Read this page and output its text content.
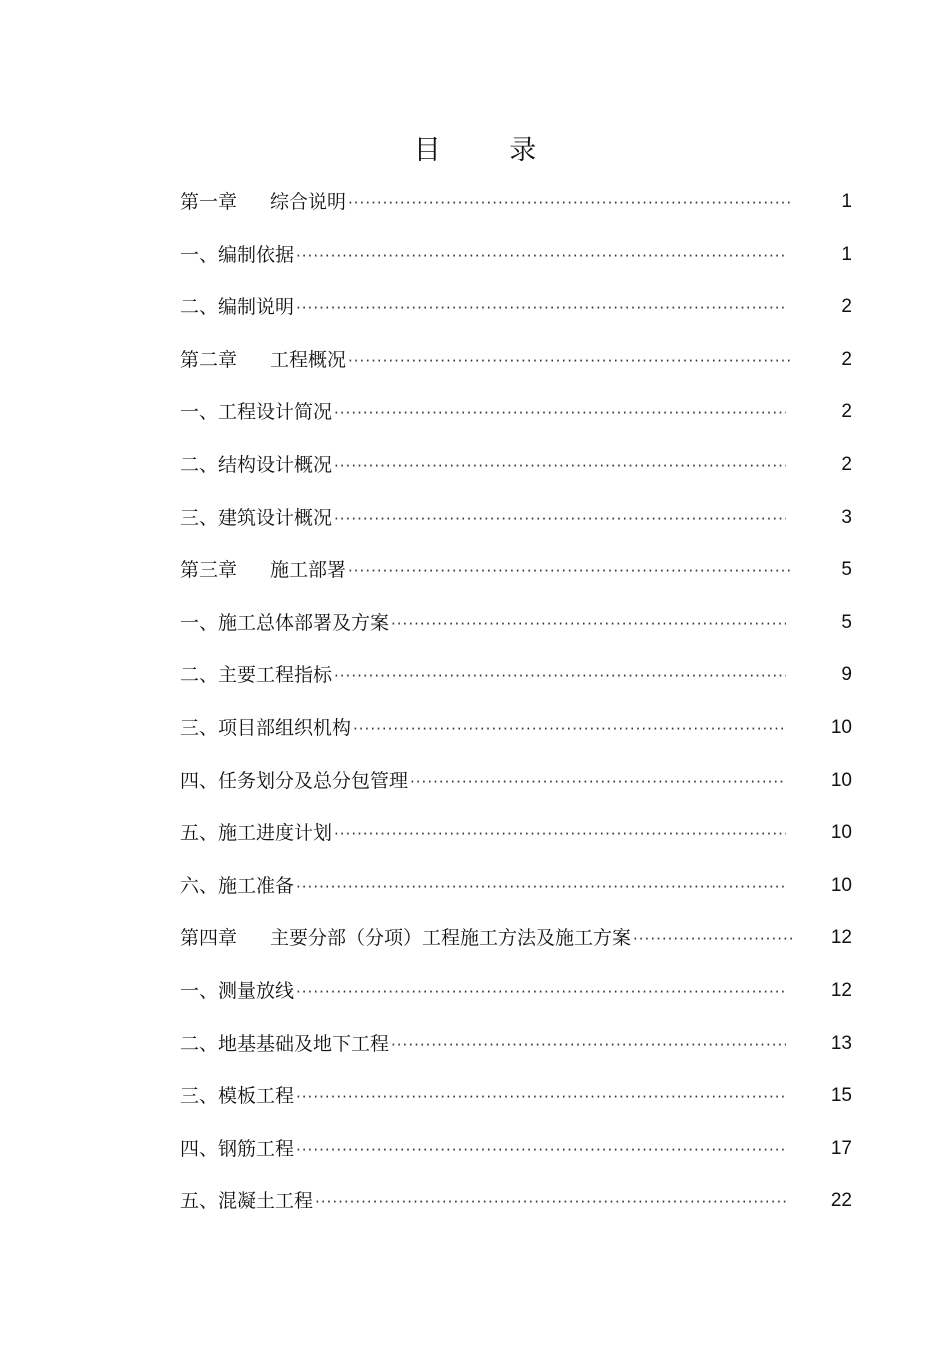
目 录
第一章 综合说明 ·····	1
一、编制依据 ·····	1
二、编制说明 ·····	2
第二章 工程概况 ·····	2
一、工程设计简况 ·····	2
二、结构设计概况 ·····	2
三、建筑设计概况 ·····	3
第三章 施工部署 ·····	5
一、施工总体部署及方案 ·····	5
二、主要工程指标 ·····	9
三、项目部组织机构 ·····	10
四、任务划分及总分包管理 ·····	10
五、施工进度计划 ·····	10
六、施工准备 ·····	10
第四章 主要分部（分项）工程施工方法及施工方案 ·····	12
一、测量放线 ·····	12
二、地基基础及地下工程 ·····	13
三、模板工程 ·····	15
四、钢筋工程 ·····	17
五、混凝土工程 ·····	22
